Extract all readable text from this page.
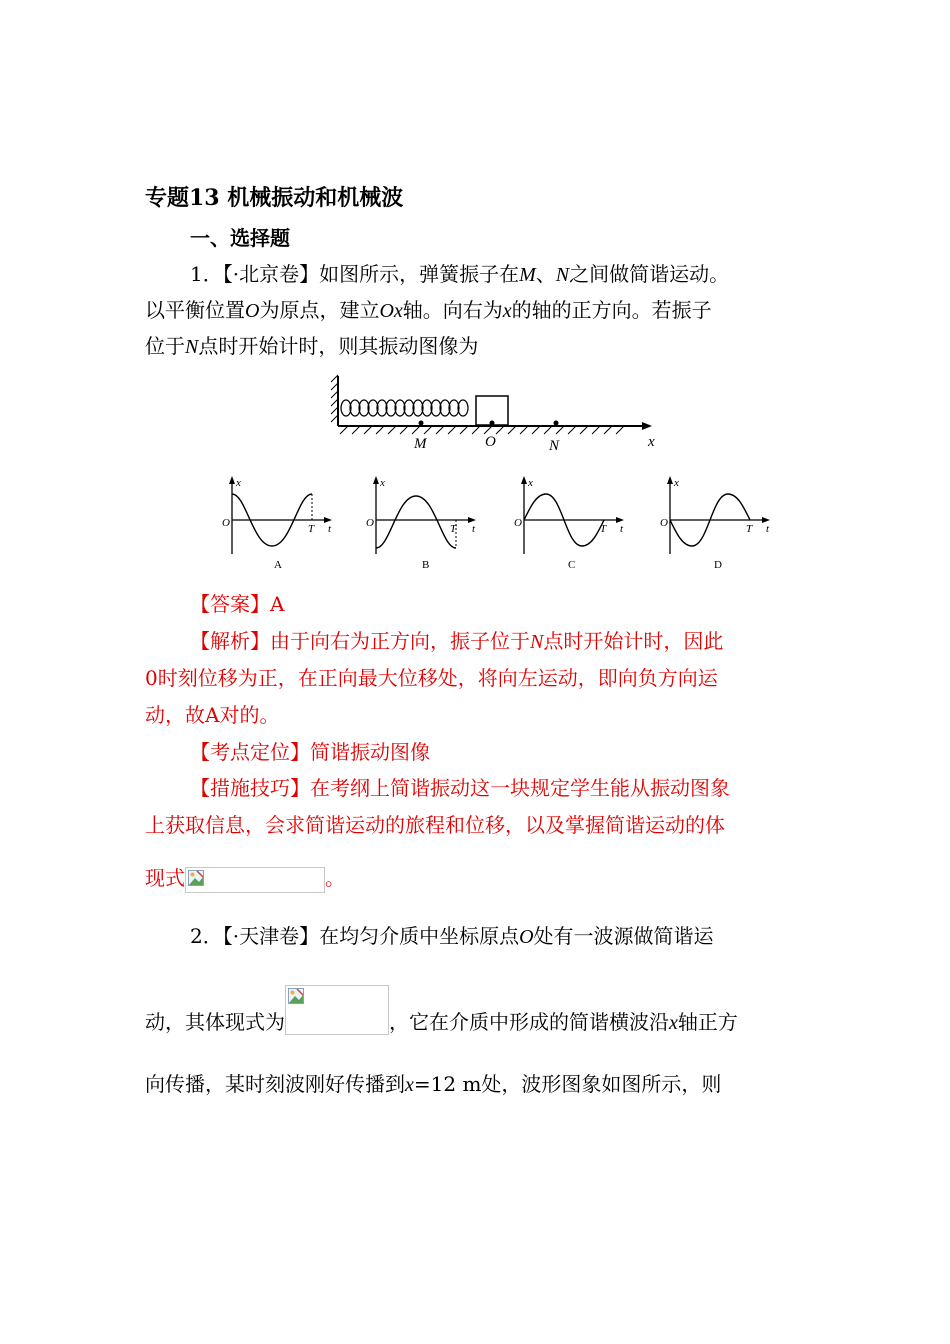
专题13 机械振动和机械波
一、选择题
1．【·北京卷】如图所示，弹簧振子在M、N之间做简谐运动。
以平衡位置O为原点，建立Ox轴。向右为x的轴的正方向。若振子
位于N点时开始计时，则其振动图像为
M	O	N	x
x
O	T t
A
x
O	T t
B
x
O	T t
C
x
O	T t
D
【答案】A
【解析】由于向右为正方向，振子位于N点时开始计时，因此
0时刻位移为正，在正向最大位移处，将向左运动，即向负方向运
动，故A对的。
【考点定位】简谐振动图像
【措施技巧】在考纲上简谐振动这一块规定学生能从振动图象
上获取信息，会求简谐运动的旅程和位移，以及掌握简谐运动的体
现式	。
2．【·天津卷】在均匀介质中坐标原点O处有一波源做简谐运
动，其体现式为	，它在介质中形成的简谐横波沿x轴正方
向传播，某时刻波刚好传播到x=12 m处，波形图象如图所示，则
